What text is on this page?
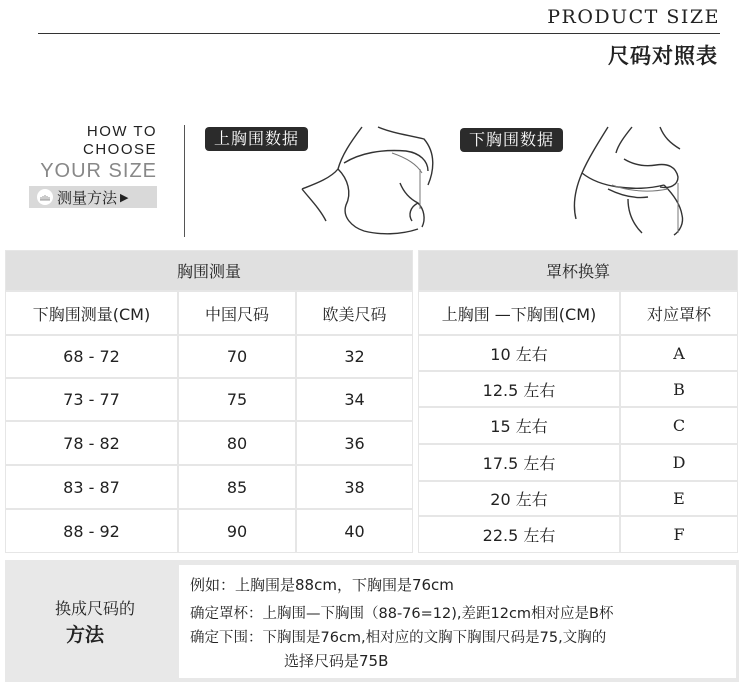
PRODUCT SIZE
尺码对照表
HOW TO
CHOOSE
YOUR SIZE
测量方法 ▶
上胸围数据	下胸围数据
胸围测量
下胸围测量(CM)	中国尺码	欧美尺码
68 - 72	70	32
73 - 77	75	34
78 - 82	80	36
83 - 87	85	38
88 - 92	90	40
罩杯换算
上胸围 —下胸围(CM)	对应罩杯
10 左右	A
12.5 左右	B
15 左右	C
17.5 左右	D
20 左右	E
22.5 左右	F
换成尺码的
方法
例如：上胸围是88cm，下胸围是76cm
确定罩杯：上胸围—下胸围（88-76=12),差距12cm相对应是B杯
确定下围：下胸围是76cm,相对应的文胸下胸围尺码是75,文胸的
选择尺码是75B
